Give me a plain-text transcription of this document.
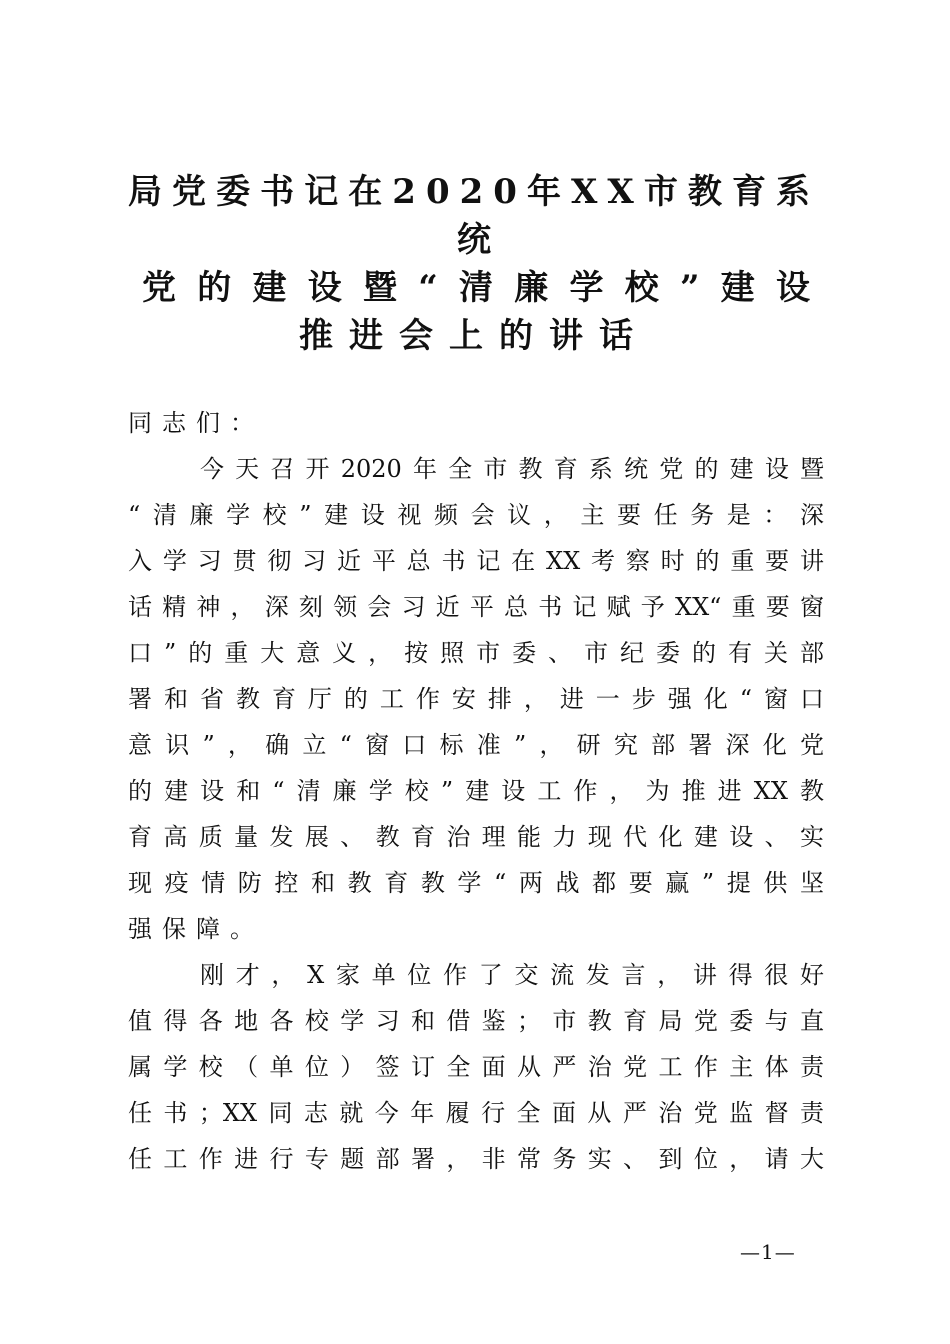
局党委书记在2020年XX市教育系
统
党的建设暨“清廉学校”建设
推进会上的讲话
同志们：
今天召开2020年全市教育系统党的建设暨
“清廉学校”建设视频会议，主要任务是：深
入学习贯彻习近平总书记在XX考察时的重要讲
话精神，深刻领会习近平总书记赋予XX“重要窗
口”的重大意义，按照市委、市纪委的有关部
署和省教育厅的工作安排，进一步强化“窗口
意识”，确立“窗口标准”，研究部署深化党
的建设和“清廉学校”建设工作，为推进XX教
育高质量发展、教育治理能力现代化建设、实
现疫情防控和教育教学“两战都要赢”提供坚
强保障。
刚才，X家单位作了交流发言，讲得很好
值得各地各校学习和借鉴；市教育局党委与直
属学校（单位）签订全面从严治党工作主体责
任书；XX同志就今年履行全面从严治党监督责
任工作进行专题部署，非常务实、到位，请大
—1—
